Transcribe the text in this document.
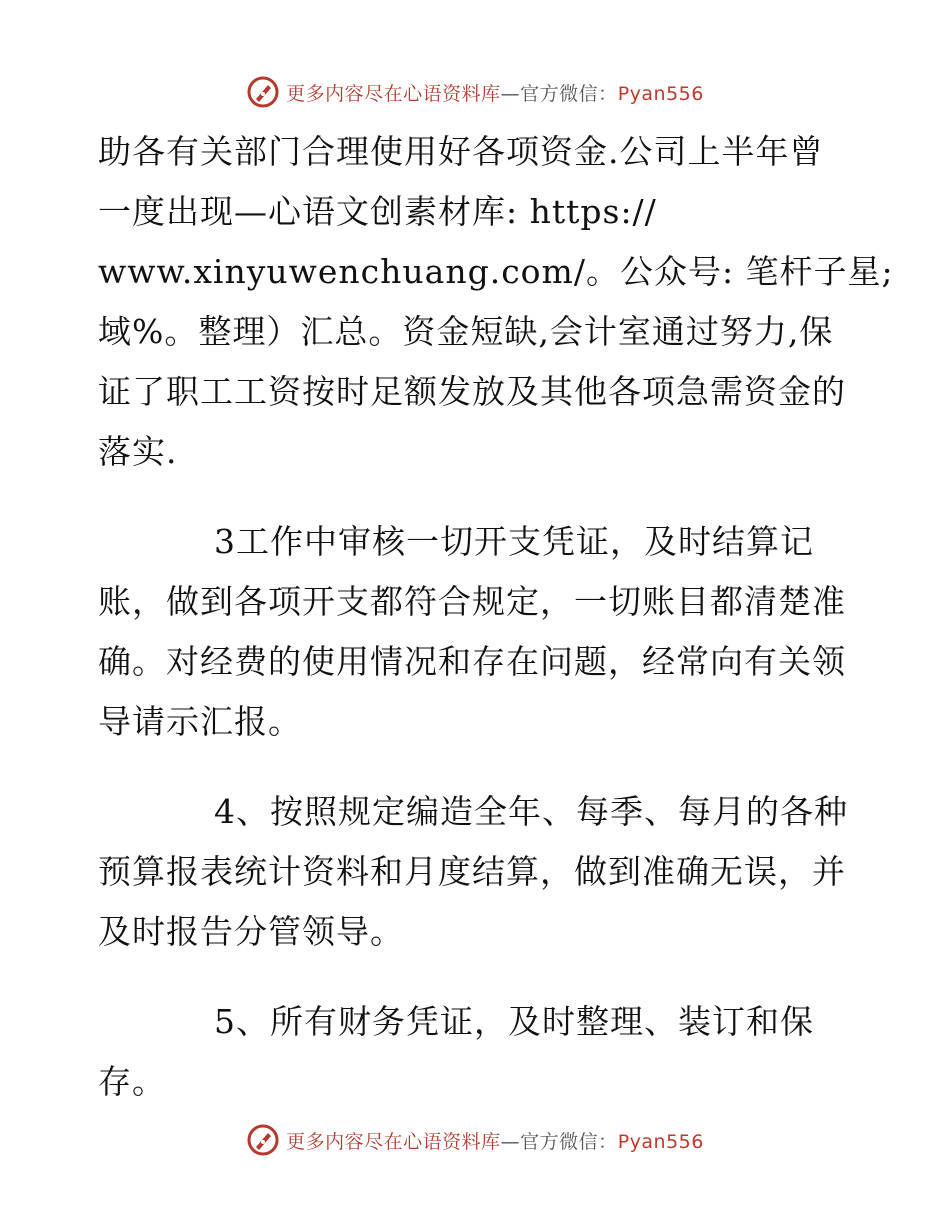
更多内容尽在心语资料库—官方微信：Pyan556

助各有关部门合理使用好各项资金.公司上半年曾

一度出现—心语文创素材库: https://

www.xinyuwenchuang.com/。公众号: 笔杆子星;

域%。整理）汇总。资金短缺,会计室通过努力,保

证了职工工资按时足额发放及其他各项急需资金的

落实.

3工作中审核一切开支凭证，及时结算记

账，做到各项开支都符合规定，一切账目都清楚准

确。对经费的使用情况和存在问题，经常向有关领

导请示汇报。

4、按照规定编造全年、每季、每月的各种

预算报表统计资料和月度结算，做到准确无误，并

及时报告分管领导。

5、所有财务凭证，及时整理、装订和保

存。

更多内容尽在心语资料库—官方微信：Pyan556
